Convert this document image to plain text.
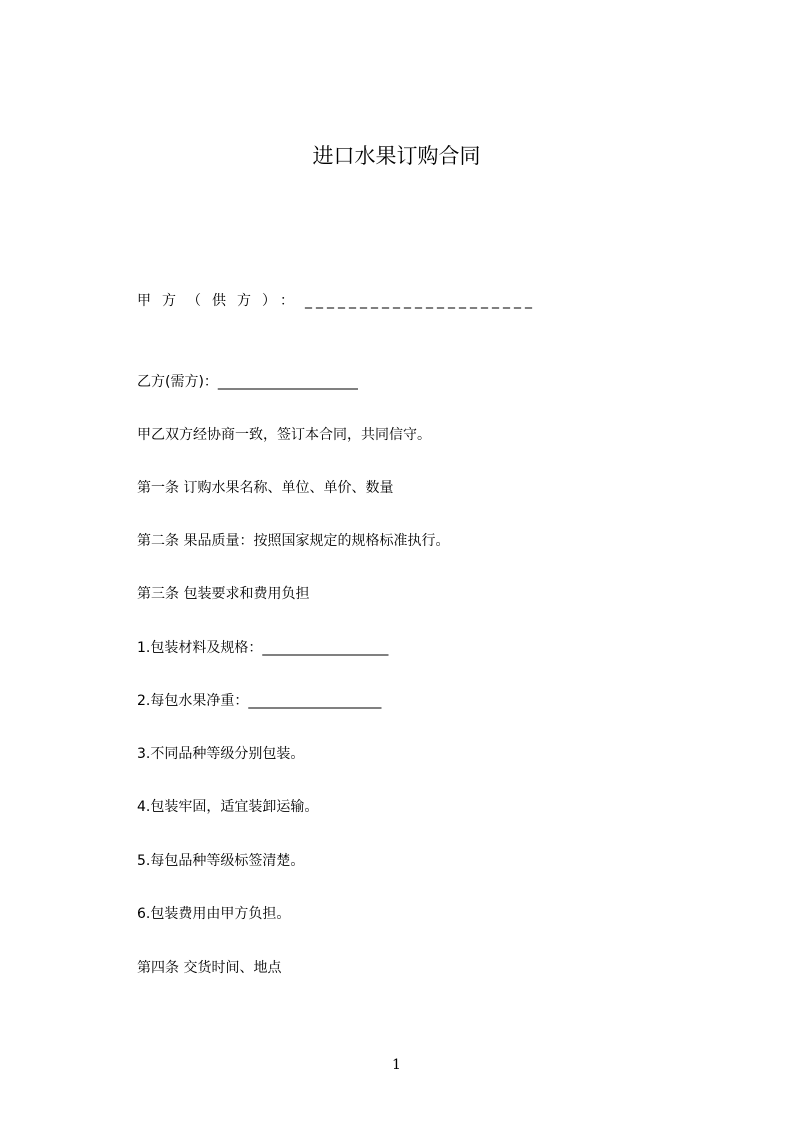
进口水果订购合同
甲方（供方）：_____________________
乙方(需方)：____________________
甲乙双方经协商一致，签订本合同，共同信守。
第一条 订购水果名称、单位、单价、数量
第二条 果品质量：按照国家规定的规格标准执行。
第三条 包装要求和费用负担
1.包装材料及规格：__________________
2.每包水果净重：___________________
3.不同品种等级分别包装。
4.包装牢固，适宜装卸运输。
5.每包品种等级标签清楚。
6.包装费用由甲方负担。
第四条 交货时间、地点
1
